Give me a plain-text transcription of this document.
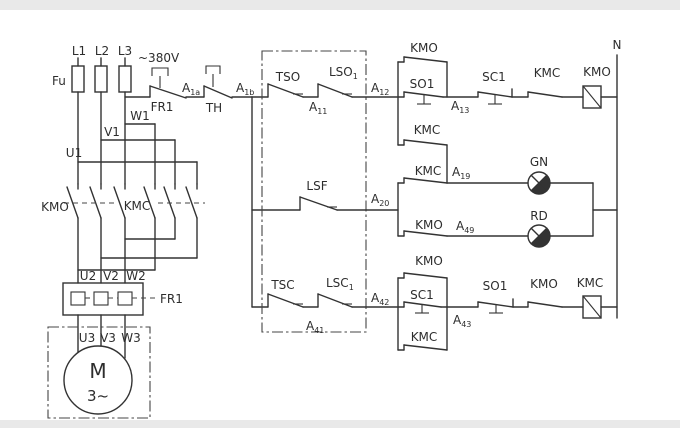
L1 L2 L3 ~380V
Fu
W1
V1
U1
KMO	KMC
U2 V2 W2
FR1
U3 V3 W3
M
3~
FR1	TH
$A_{1a}$	$A_{1b}$
TSO $LSO_1$
$A_{11}$
$A_{12}$
LSF
$A_{20}$
TSC	$LSC_1$
$A_{41}$
$A_{42}$
KMO
SO1
KMC
$A_{13}$
SC1 KMC KMO
N
KMC $A_{19}$
GN
KMO $A_{49}$
RD
KMO
SC1
KMC
$A_{43}$
SO1 KMO KMC
